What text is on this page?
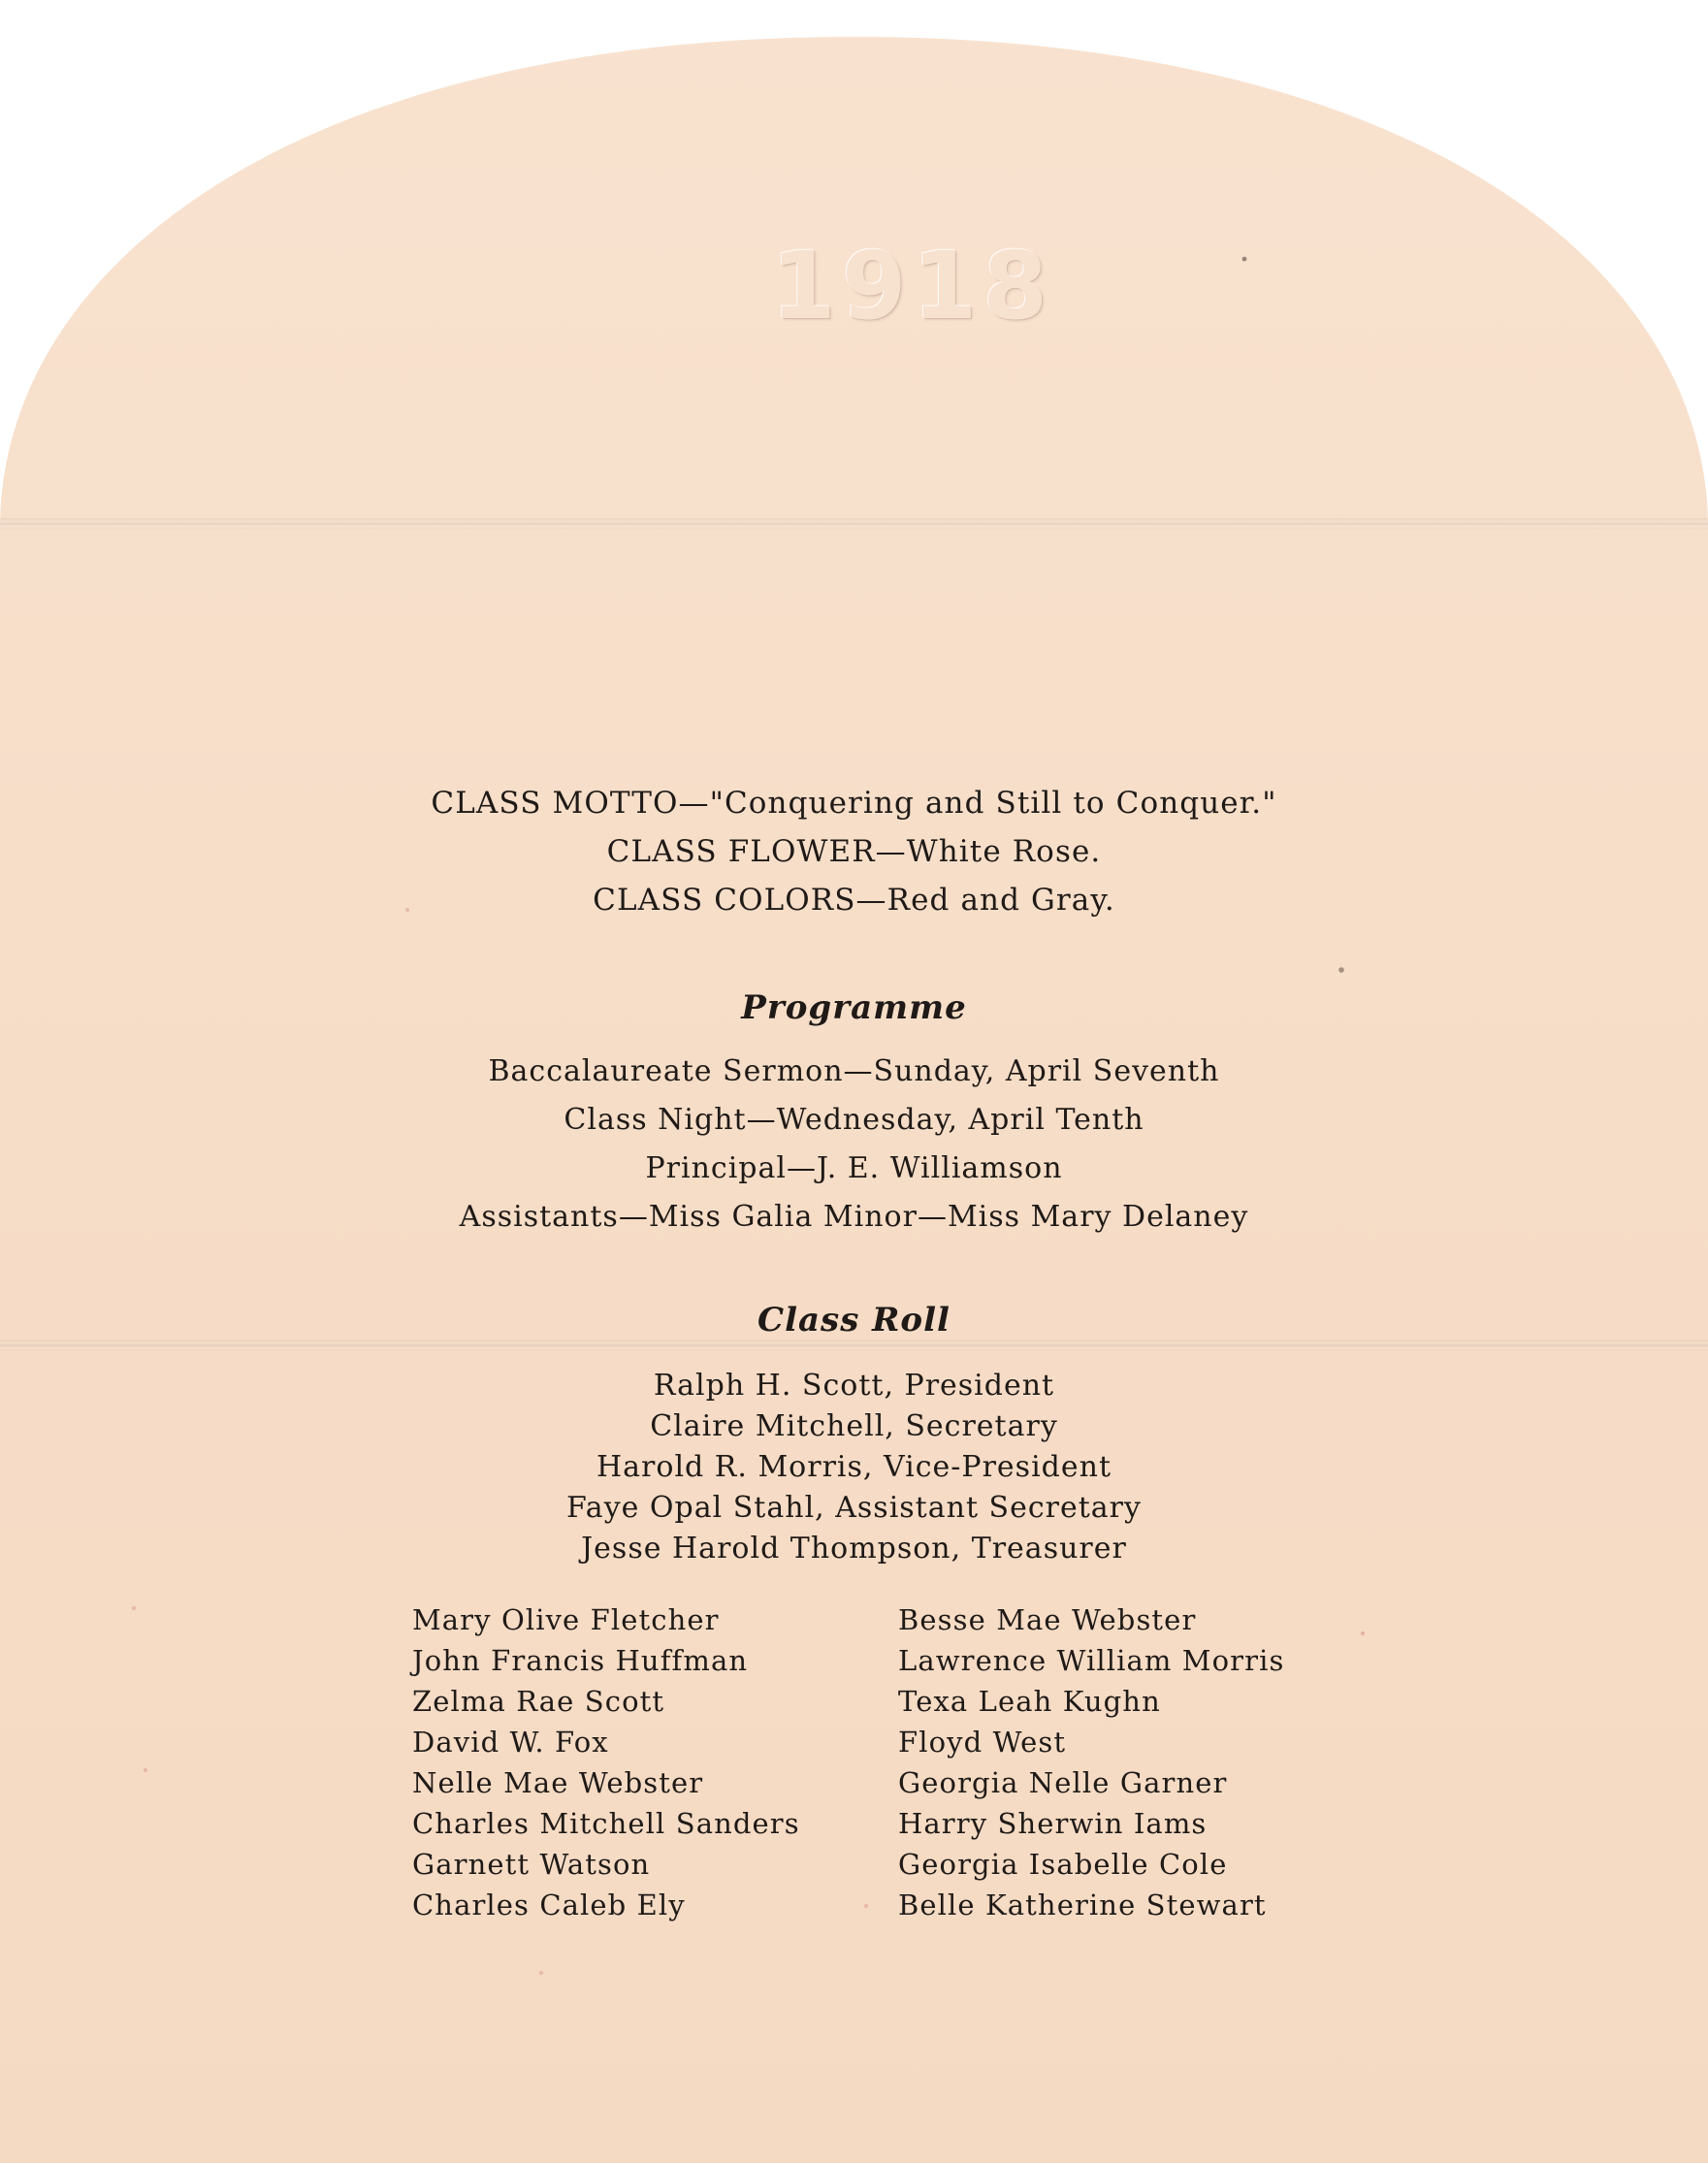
1918
CLASS MOTTO—"Conquering and Still to Conquer."
CLASS FLOWER—White Rose.
CLASS COLORS—Red and Gray.
Programme
Baccalaureate Sermon—Sunday, April Seventh
Class Night—Wednesday, April Tenth
Principal—J. E. Williamson
Assistants—Miss Galia Minor—Miss Mary Delaney
Class Roll
Ralph H. Scott, President
Claire Mitchell, Secretary
Harold R. Morris, Vice-President
Faye Opal Stahl, Assistant Secretary
Jesse Harold Thompson, Treasurer
Mary Olive Fletcher
John Francis Huffman
Zelma Rae Scott
David W. Fox
Nelle Mae Webster
Charles Mitchell Sanders
Garnett Watson
Charles Caleb Ely
Besse Mae Webster
Lawrence William Morris
Texa Leah Kughn
Floyd West
Georgia Nelle Garner
Harry Sherwin Iams
Georgia Isabelle Cole
Belle Katherine Stewart
